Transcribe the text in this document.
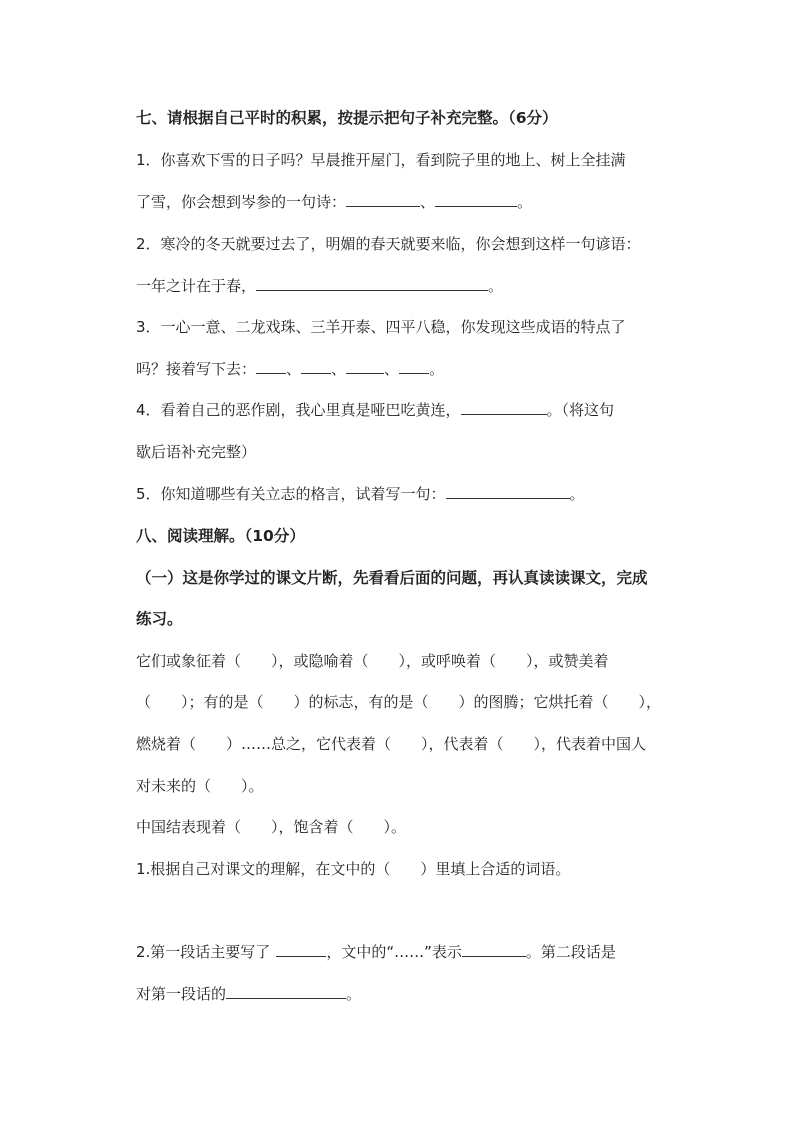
七、请根据自己平时的积累，按提示把句子补充完整。（6分）
1．你喜欢下雪的日子吗？早晨推开屋门，看到院子里的地上、树上全挂满
了雪，你会想到岑参的一句诗：	、	。
2．寒冷的冬天就要过去了，明媚的春天就要来临，你会想到这样一句谚语：
一年之计在于春，	。
3．一心一意、二龙戏珠、三羊开泰、四平八稳，你发现这些成语的特点了
吗？接着写下去： 、 、	、 。
4．看着自己的恶作剧，我心里真是哑巴吃黄连，	。（将这句
歇后语补充完整）
5．你知道哪些有关立志的格言，试着写一句：	。
八、阅读理解。（10分）
（一）这是你学过的课文片断，先看看后面的问题，再认真读读课文，完成
练习。
它们或象征着（　　），或隐喻着（　　），或呼唤着（　　），或赞美着
（　　）；有的是（　　）的标志，有的是（　　）的图腾；它烘托着（　　），
燃烧着（　　）……总之，它代表着（　　），代表着（　　），代表着中国人
对未来的（　　）。
中国结表现着（　　），饱含着（　　）。
1.根据自己对课文的理解，在文中的（　　）里填上合适的词语。
2.第一段话主要写了	，文中的“……”表示	。第二段话是
对第一段话的	。
